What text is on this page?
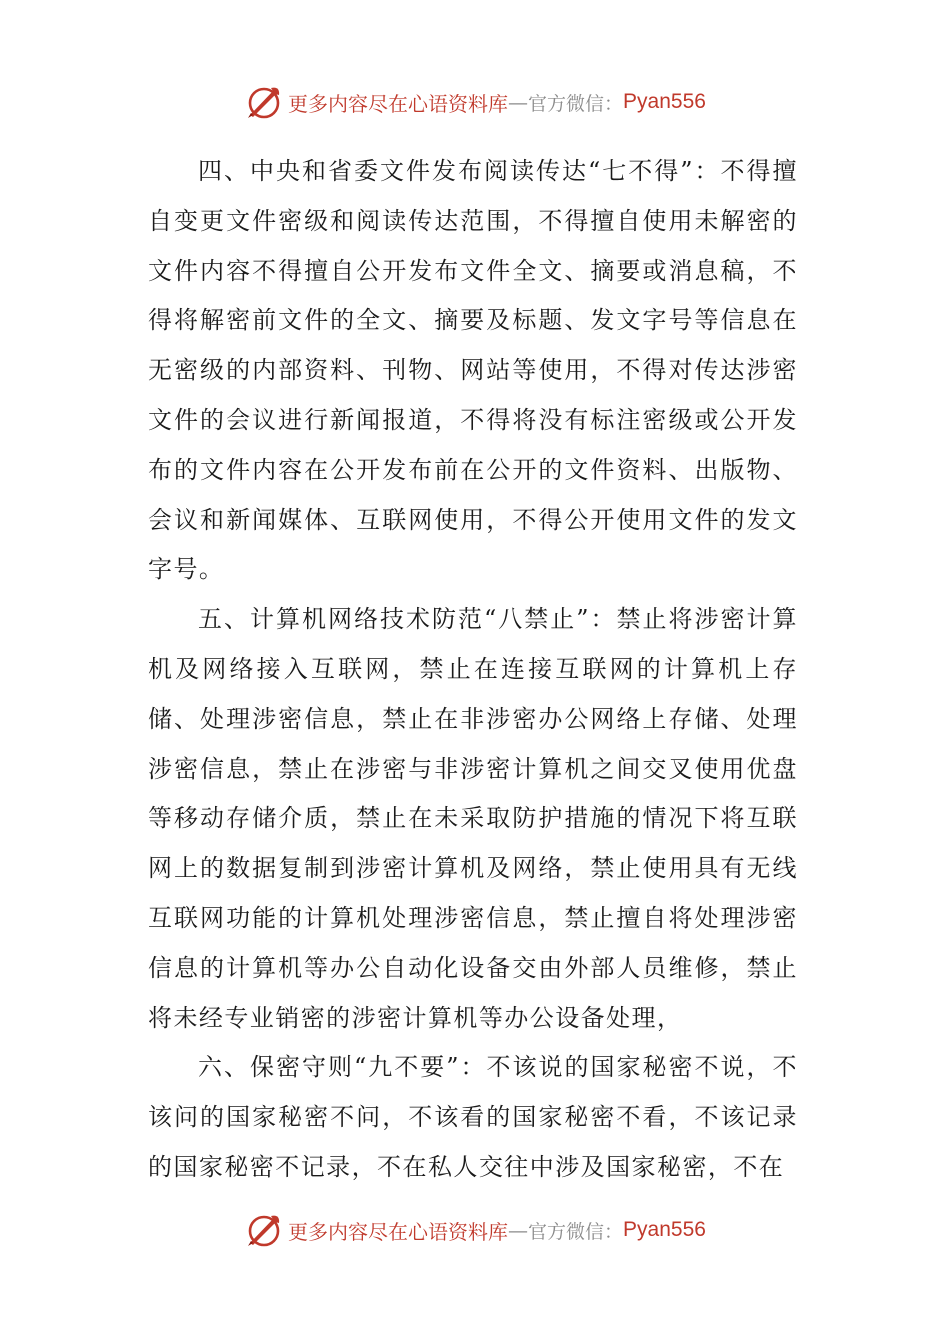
更多内容尽在心语资料库 — 官方微信： Pyan556

四、中央和省委文件发布阅读传达“七不得”：不得擅自变更文件密级和阅读传达范围，不得擅自使用未解密的文件内容不得擅自公开发布文件全文、摘要或消息稿，不得将解密前文件的全文、摘要及标题、发文字号等信息在无密级的内部资料、刊物、网站等使用，不得对传达涉密文件的会议进行新闻报道，不得将没有标注密级或公开发布的文件内容在公开发布前在公开的文件资料、出版物、会议和新闻媒体、互联网使用，不得公开使用文件的发文字号。

五、计算机网络技术防范“八禁止”：禁止将涉密计算机及网络接入互联网，禁止在连接互联网的计算机上存储、处理涉密信息，禁止在非涉密办公网络上存储、处理涉密信息，禁止在涉密与非涉密计算机之间交叉使用优盘等移动存储介质，禁止在未采取防护措施的情况下将互联网上的数据复制到涉密计算机及网络，禁止使用具有无线互联网功能的计算机处理涉密信息，禁止擅自将处理涉密信息的计算机等办公自动化设备交由外部人员维修，禁止将未经专业销密的涉密计算机等办公设备处理，

六、保密守则“九不要”：不该说的国家秘密不说，不该问的国家秘密不问，不该看的国家秘密不看，不该记录的国家秘密不记录，不在私人交往中涉及国家秘密，不在

更多内容尽在心语资料库 — 官方微信： Pyan556
